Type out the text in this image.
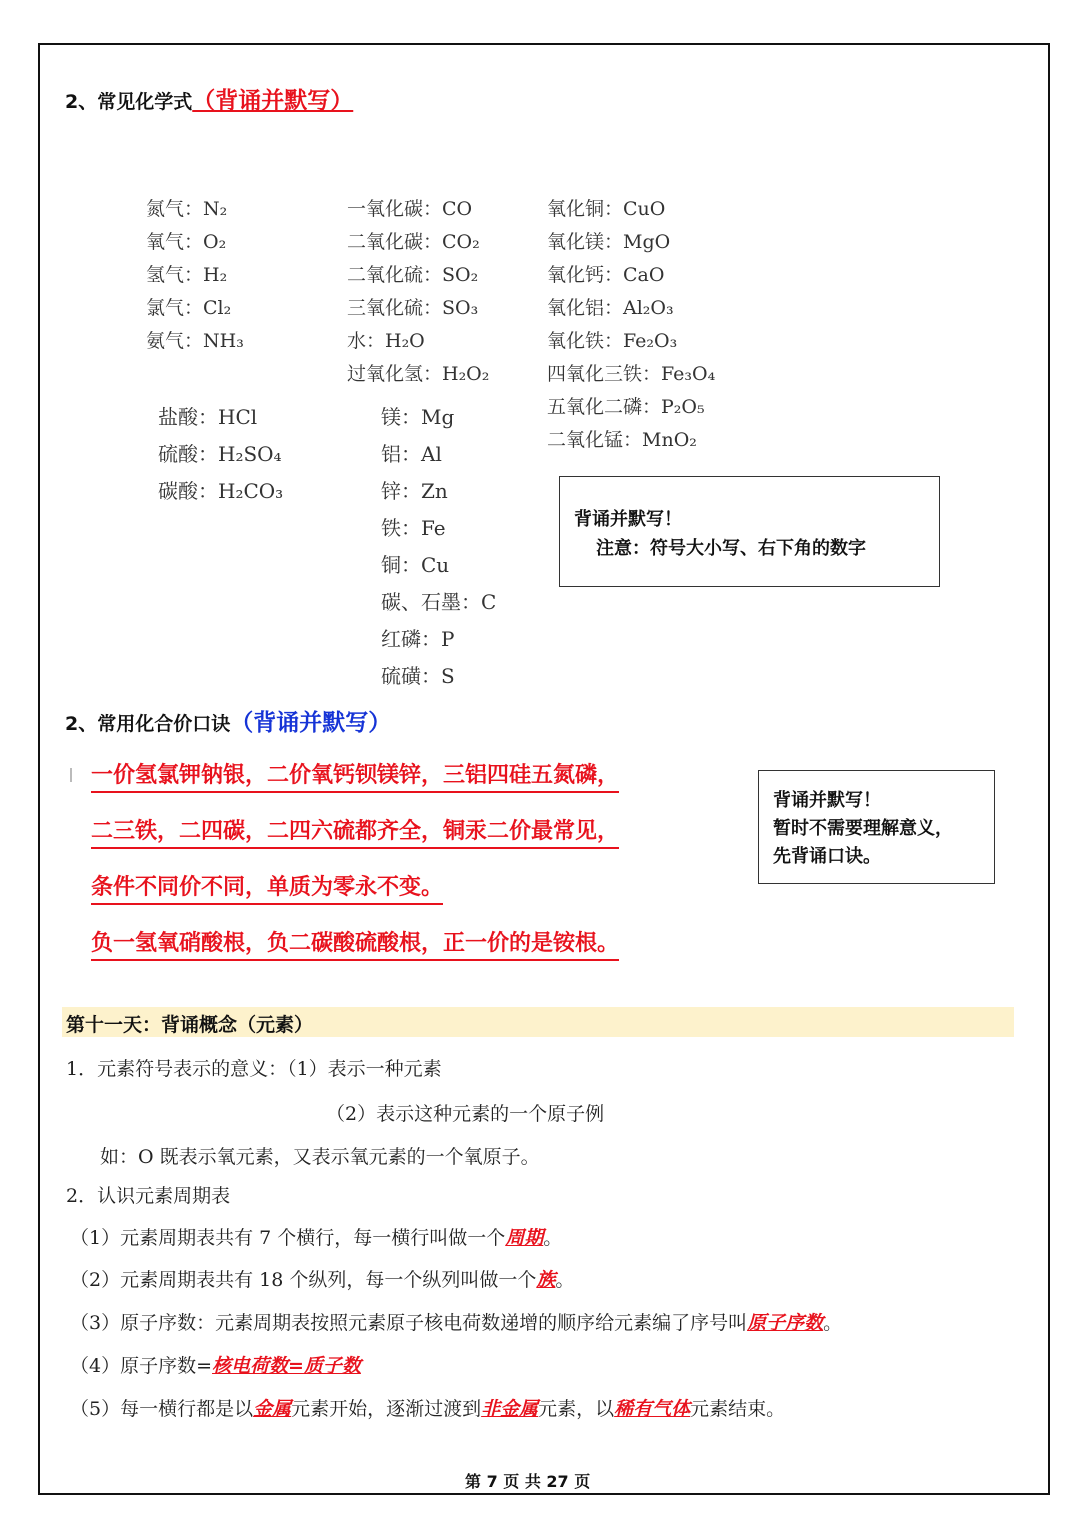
2、常见化学式（背诵并默写）
氮气：N₂
氧气：O₂
氢气：H₂
氯气：Cl₂
氨气：NH₃
一氧化碳：CO
二氧化碳：CO₂
二氧化硫：SO₂
三氧化硫：SO₃
水：H₂O
过氧化氢：H₂O₂
氧化铜：CuO
氧化镁：MgO
氧化钙：CaO
氧化铝：Al₂O₃
氧化铁：Fe₂O₃
四氧化三铁：Fe₃O₄
五氧化二磷：P₂O₅
二氧化锰：MnO₂
盐酸：HCl
硫酸：H₂SO₄
碳酸：H₂CO₃
镁：Mg
铝：Al
锌：Zn
铁：Fe
铜：Cu
碳、石墨：C
红磷：P
硫磺：S
背诵并默写！
注意：符号大小写、右下角的数字
2、常用化合价口诀（背诵并默写）
一价氢氯钾钠银，二价氧钙钡镁锌，三铝四硅五氮磷，
二三铁，二四碳，二四六硫都齐全，铜汞二价最常见，
条件不同价不同，单质为零永不变。
负一氢氧硝酸根，负二碳酸硫酸根，正一价的是铵根。
背诵并默写！
暂时不需要理解意义，
先背诵口诀。
第十一天：背诵概念（元素）
1．元素符号表示的意义：（1）表示一种元素
（2）表示这种元素的一个原子例
如：O 既表示氧元素，又表示氧元素的一个氧原子。
2．认识元素周期表
（1）元素周期表共有 7 个横行，每一横行叫做一个周期。
（2）元素周期表共有 18 个纵列，每一个纵列叫做一个族。
（3）原子序数：元素周期表按照元素原子核电荷数递增的顺序给元素编了序号叫原子序数。
（4）原子序数=核电荷数=质子数
（5）每一横行都是以金属元素开始，逐渐过渡到非金属元素，以稀有气体元素结束。
第 7 页 共 27 页
